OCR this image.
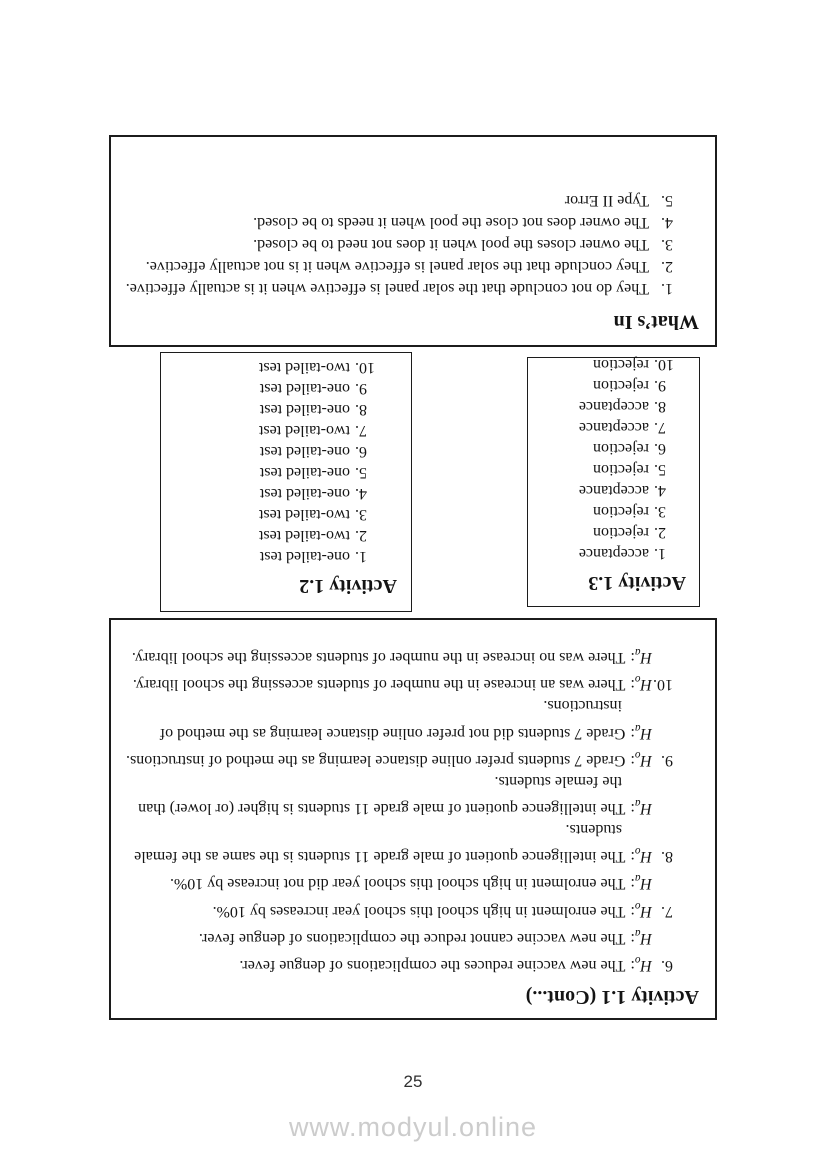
Activity 1.1 (Cont...)
6.
$H_o:The$ new vaccine reduces the complications of dengue fever.
$H_a:The$ new vaccine cannot reduce the complications of dengue fever.
7.
$H_o:The$ enrolment in high school this school year increases by 10%.
$H_a:The$ enrolment in high school this school year did not increase by 10%.
8.
$H_o:The$ intelligence quotient of male grade 11 students is the same as the female students.
$H_a:The$ intelligence quotient of male grade 11 students is higher (or lower) than the female students.
9.
$H_o:Grade$ 7 students prefer online distance learning as the method of instructions.
$H_a:Grade$ 7 students did not prefer online distance learning as the method of instructions.
10.
$H_o:There$ was an increase in the number of students accessing the school library.
$H_a:There$ was no increase in the number of students accessing the school library.
Activity 1.3
1.
acceptance
2.
rejection
3.
rejection
4.
acceptance
5.
rejection
6.
rejection
7.
acceptance
8.
acceptance
9.
rejection
10.
rejection
Activity 1.2
1.
one-tailed test
2.
two-tailed test
3.
two-tailed test
4.
one-tailed test
5.
one-tailed test
6.
one-tailed test
7.
two-tailed test
8.
one-tailed test
9.
one-tailed test
10.
two-tailed test
What’s In
1.
They do not conclude that the solar panel is effective when it is actually effective.
2.
They conclude that the solar panel is effective when it is not actually effective.
3.
The owner closes the pool when it does not need to be closed.
4.
The owner does not close the pool when it needs to be closed.
5.
Type II Error
25
www.modyul.online
